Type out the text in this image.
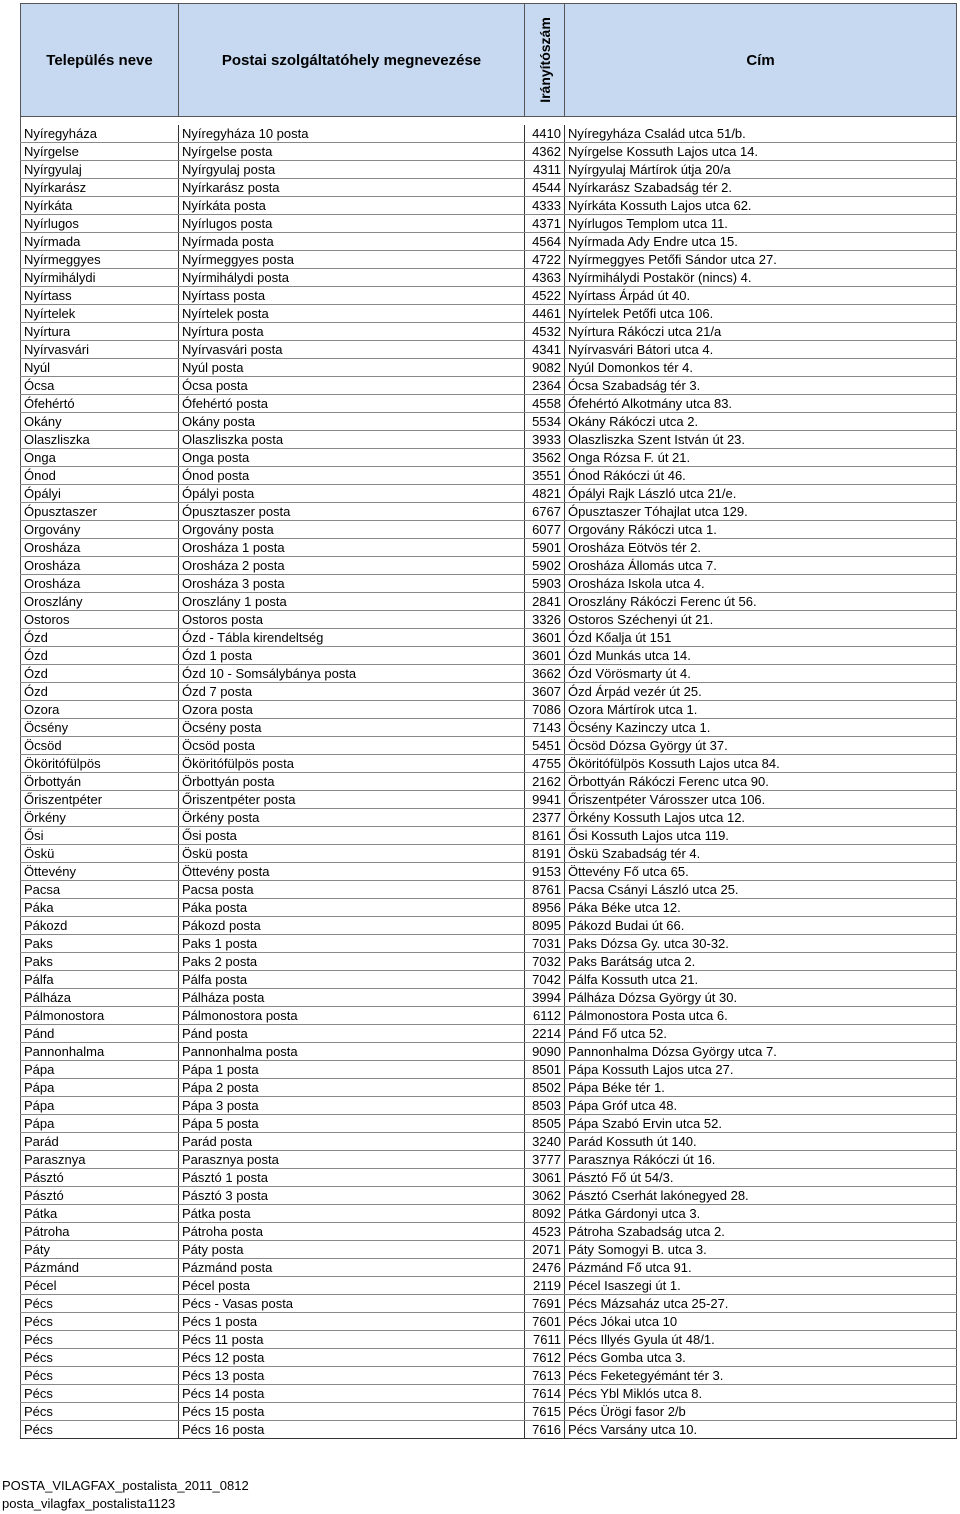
Település neve	Postai szolgáltatóhely megnevezése	Irányítószám	Cím

Nyíregyháza	Nyíregyháza 10 posta	4410	Nyíregyháza Család utca 51/b.
Nyírgelse	Nyírgelse posta	4362	Nyírgelse Kossuth Lajos utca 14.
Nyírgyulaj	Nyírgyulaj posta	4311	Nyírgyulaj Mártírok útja 20/a
Nyírkarász	Nyírkarász posta	4544	Nyírkarász Szabadság tér 2.
Nyírkáta	Nyírkáta posta	4333	Nyírkáta Kossuth Lajos utca 62.
Nyírlugos	Nyírlugos posta	4371	Nyírlugos Templom utca 11.
Nyírmada	Nyírmada posta	4564	Nyírmada Ady Endre utca 15.
Nyírmeggyes	Nyírmeggyes posta	4722	Nyírmeggyes Petőfi Sándor utca 27.
Nyírmihálydi	Nyírmihálydi posta	4363	Nyírmihálydi Postakör (nincs) 4.
Nyírtass	Nyírtass posta	4522	Nyírtass Árpád út 40.
Nyírtelek	Nyírtelek posta	4461	Nyírtelek Petőfi utca 106.
Nyírtura	Nyírtura posta	4532	Nyírtura Rákóczi utca 21/a
Nyírvasvári	Nyírvasvári posta	4341	Nyírvasvári Bátori utca 4.
Nyúl	Nyúl posta	9082	Nyúl Domonkos tér 4.
Ócsa	Ócsa posta	2364	Ócsa Szabadság tér 3.
Ófehértó	Ófehértó posta	4558	Ófehértó Alkotmány utca 83.
Okány	Okány posta	5534	Okány Rákóczi utca 2.
Olaszliszka	Olaszliszka posta	3933	Olaszliszka Szent István út 23.
Onga	Onga posta	3562	Onga Rózsa F. út 21.
Ónod	Ónod posta	3551	Ónod Rákóczi út 46.
Ópályi	Ópályi posta	4821	Ópályi Rajk László utca 21/e.
Ópusztaszer	Ópusztaszer posta	6767	Ópusztaszer Tóhajlat utca 129.
Orgovány	Orgovány posta	6077	Orgovány Rákóczi utca 1.
Orosháza	Orosháza 1 posta	5901	Orosháza Eötvös tér 2.
Orosháza	Orosháza 2 posta	5902	Orosháza Állomás utca 7.
Orosháza	Orosháza 3 posta	5903	Orosháza Iskola utca 4.
Oroszlány	Oroszlány 1 posta	2841	Oroszlány Rákóczi Ferenc út 56.
Ostoros	Ostoros posta	3326	Ostoros Széchenyi út 21.
Ózd	Ózd - Tábla kirendeltség	3601	Ózd Kőalja út 151
Ózd	Ózd 1 posta	3601	Ózd Munkás utca 14.
Ózd	Ózd 10 - Somsálybánya posta	3662	Ózd Vörösmarty út 4.
Ózd	Ózd 7 posta	3607	Ózd Árpád vezér út 25.
Ozora	Ozora posta	7086	Ozora Mártírok utca 1.
Öcsény	Öcsény posta	7143	Öcsény Kazinczy utca 1.
Öcsöd	Öcsöd posta	5451	Öcsöd Dózsa György út 37.
Ököritófülpös	Ököritófülpös posta	4755	Ököritófülpös Kossuth Lajos utca 84.
Örbottyán	Örbottyán posta	2162	Örbottyán Rákóczi Ferenc utca 90.
Őriszentpéter	Őriszentpéter posta	9941	Őriszentpéter Városszer utca 106.
Örkény	Örkény posta	2377	Örkény Kossuth Lajos utca 12.
Ősi	Ősi posta	8161	Ősi Kossuth Lajos utca 119.
Öskü	Öskü posta	8191	Öskü Szabadság tér 4.
Öttevény	Öttevény posta	9153	Öttevény Fő utca 65.
Pacsa	Pacsa posta	8761	Pacsa Csányi László utca 25.
Páka	Páka posta	8956	Páka Béke utca 12.
Pákozd	Pákozd posta	8095	Pákozd Budai út 66.
Paks	Paks 1 posta	7031	Paks Dózsa Gy. utca 30-32.
Paks	Paks 2 posta	7032	Paks Barátság utca 2.
Pálfa	Pálfa posta	7042	Pálfa Kossuth utca 21.
Pálháza	Pálháza posta	3994	Pálháza Dózsa György út 30.
Pálmonostora	Pálmonostora posta	6112	Pálmonostora Posta utca 6.
Pánd	Pánd posta	2214	Pánd Fő utca 52.
Pannonhalma	Pannonhalma posta	9090	Pannonhalma Dózsa György utca 7.
Pápa	Pápa 1 posta	8501	Pápa Kossuth Lajos utca 27.
Pápa	Pápa 2 posta	8502	Pápa Béke tér 1.
Pápa	Pápa 3 posta	8503	Pápa Gróf utca 48.
Pápa	Pápa 5 posta	8505	Pápa Szabó Ervin utca 52.
Parád	Parád posta	3240	Parád Kossuth út 140.
Parasznya	Parasznya posta	3777	Parasznya Rákóczi út 16.
Pásztó	Pásztó 1 posta	3061	Pásztó Fő út 54/3.
Pásztó	Pásztó 3 posta	3062	Pásztó Cserhát lakónegyed 28.
Pátka	Pátka posta	8092	Pátka Gárdonyi utca 3.
Pátroha	Pátroha posta	4523	Pátroha Szabadság utca 2.
Páty	Páty posta	2071	Páty Somogyi B. utca 3.
Pázmánd	Pázmánd posta	2476	Pázmánd Fő utca 91.
Pécel	Pécel posta	2119	Pécel Isaszegi út 1.
Pécs	Pécs - Vasas posta	7691	Pécs Mázsaház utca 25-27.
Pécs	Pécs 1 posta	7601	Pécs Jókai utca 10
Pécs	Pécs 11 posta	7611	Pécs Illyés Gyula út 48/1.
Pécs	Pécs 12 posta	7612	Pécs Gomba utca 3.
Pécs	Pécs 13 posta	7613	Pécs Feketegyémánt tér 3.
Pécs	Pécs 14 posta	7614	Pécs Ybl Miklós utca 8.
Pécs	Pécs 15 posta	7615	Pécs Ürögi fasor 2/b
Pécs	Pécs 16 posta	7616	Pécs Varsány utca 10.
POSTA_VILAGFAX_postalista_2011_0812
posta_vilagfax_postalista1123
